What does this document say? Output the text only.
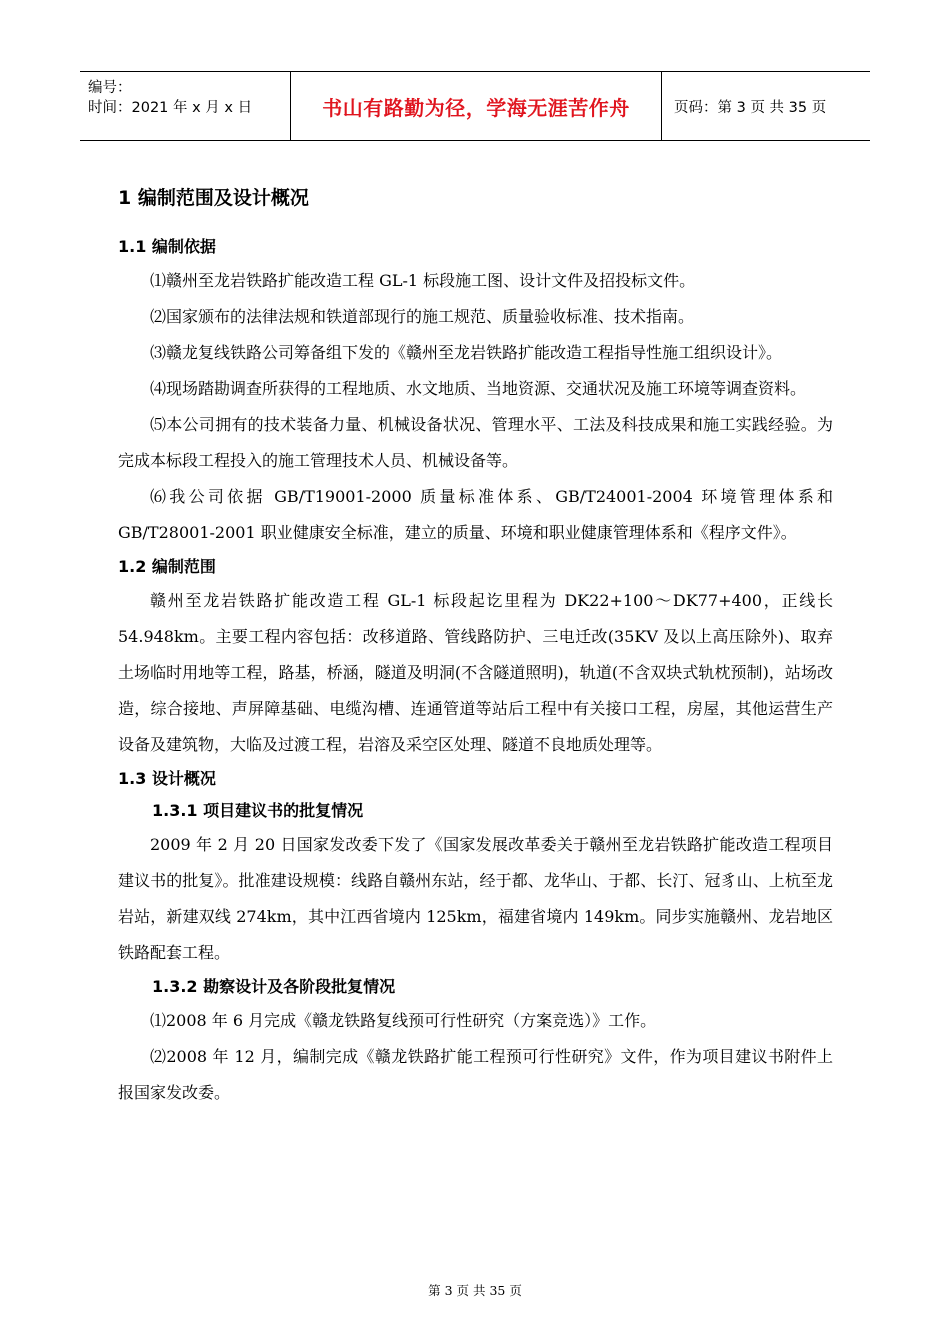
编号：
时间：2021 年 x 月 x 日	书山有路勤为径，学海无涯苦作舟	页码：第 3 页 共 35 页
1 编制范围及设计概况
1.1 编制依据
⑴赣州至龙岩铁路扩能改造工程 GL-1 标段施工图、设计文件及招投标文件。
⑵国家颁布的法律法规和铁道部现行的施工规范、质量验收标准、技术指南。
⑶赣龙复线铁路公司筹备组下发的《赣州至龙岩铁路扩能改造工程指导性施工组织设计》。
⑷现场踏勘调查所获得的工程地质、水文地质、当地资源、交通状况及施工环境等调查资料。
⑸本公司拥有的技术装备力量、机械设备状况、管理水平、工法及科技成果和施工实践经验。为完成本标段工程投入的施工管理技术人员、机械设备等。
⑹我公司依据 GB/T19001-2000 质量标准体系、GB/T24001-2004 环境管理体系和 GB/T28001-2001 职业健康安全标准，建立的质量、环境和职业健康管理体系和《程序文件》。
1.2 编制范围
赣州至龙岩铁路扩能改造工程 GL-1 标段起讫里程为 DK22+100～DK77+400，正线长 54.948km。主要工程内容包括：改移道路、管线路防护、三电迁改(35KV 及以上高压除外)、取弃土场临时用地等工程，路基，桥涵，隧道及明洞(不含隧道照明)，轨道(不含双块式轨枕预制)，站场改造，综合接地、声屏障基础、电缆沟槽、连通管道等站后工程中有关接口工程，房屋，其他运营生产设备及建筑物，大临及过渡工程，岩溶及采空区处理、隧道不良地质处理等。
1.3 设计概况
1.3.1 项目建议书的批复情况
2009 年 2 月 20 日国家发改委下发了《国家发展改革委关于赣州至龙岩铁路扩能改造工程项目建议书的批复》。批准建设规模：线路自赣州东站，经于都、龙华山、于都、长汀、冠豸山、上杭至龙岩站，新建双线 274km，其中江西省境内 125km，福建省境内 149km。同步实施赣州、龙岩地区铁路配套工程。
1.3.2 勘察设计及各阶段批复情况
⑴2008 年 6 月完成《赣龙铁路复线预可行性研究（方案竞选）》工作。
⑵2008 年 12 月，编制完成《赣龙铁路扩能工程预可行性研究》文件，作为项目建议书附件上报国家发改委。
第 3 页 共 35 页
